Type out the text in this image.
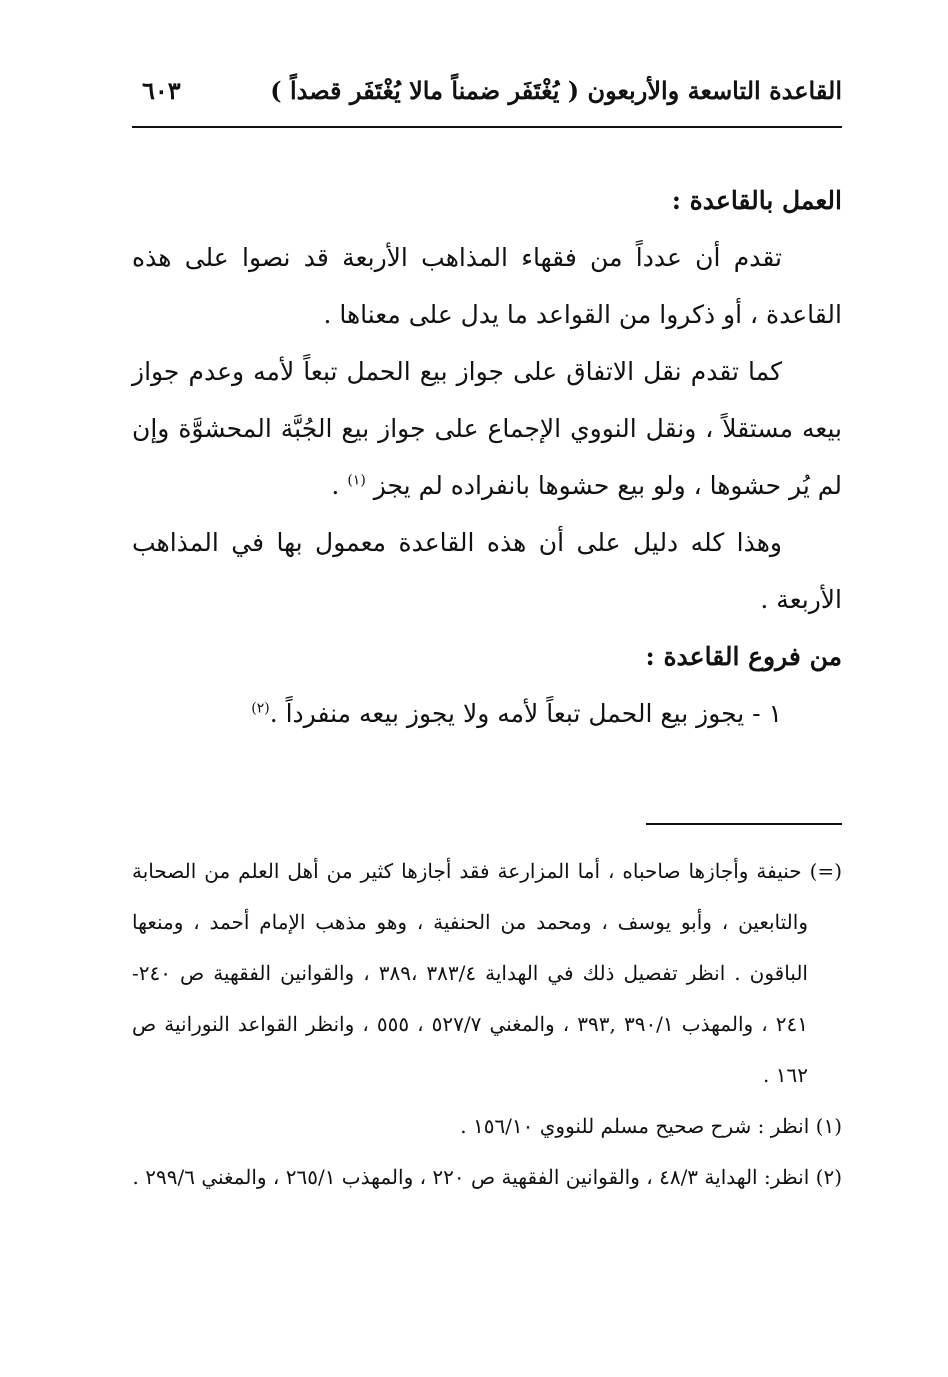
القاعدة التاسعة والأربعون ( يُغْتَفَر ضمناً مالا يُغْتَفَر قصداً )
٦٠٣

العمل بالقاعدة :

تقدم أن عدداً من فقهاء المذاهب الأربعة قد نصوا على هذه القاعدة ، أو ذكروا من القواعد ما يدل على معناها .

كما تقدم نقل الاتفاق على جواز بيع الحمل تبعاً لأمه وعدم جواز بيعه مستقلاً ، ونقل النووي الإجماع على جواز بيع الجُبَّة المحشوَّة وإن لم يُر حشوها ، ولو بيع حشوها بانفراده لم يجز $^{(١)}$ .

وهذا كله دليل على أن هذه القاعدة معمول بها في المذاهب الأربعة .

من فروع القاعدة :

١ - يجوز بيع الحمل تبعاً لأمه ولا يجوز بيعه منفرداً .$^{(٢)}$

(=) حنيفة وأجازها صاحباه ، أما المزارعة فقد أجازها كثير من أهل العلم من الصحابة والتابعين ، وأبو يوسف ، ومحمد من الحنفية ، وهو مذهب الإمام أحمد ، ومنعها الباقون . انظر تفصيل ذلك في الهداية ٣٨٣/٤ ،٣٨٩ ، والقوانين الفقهية ص ٢٤٠- ٢٤١ ، والمهذب ٣٩٠/١ ,٣٩٣ ، والمغني ٥٢٧/٧ ، ٥٥٥ ، وانظر القواعد النورانية ص ١٦٢ .

(١) انظر : شرح صحيح مسلم للنووي ١٥٦/١٠ .

(٢) انظر: الهداية ٤٨/٣ ، والقوانين الفقهية ص ٢٢٠ ، والمهذب ٢٦٥/١ ، والمغني ٢٩٩/٦ .
